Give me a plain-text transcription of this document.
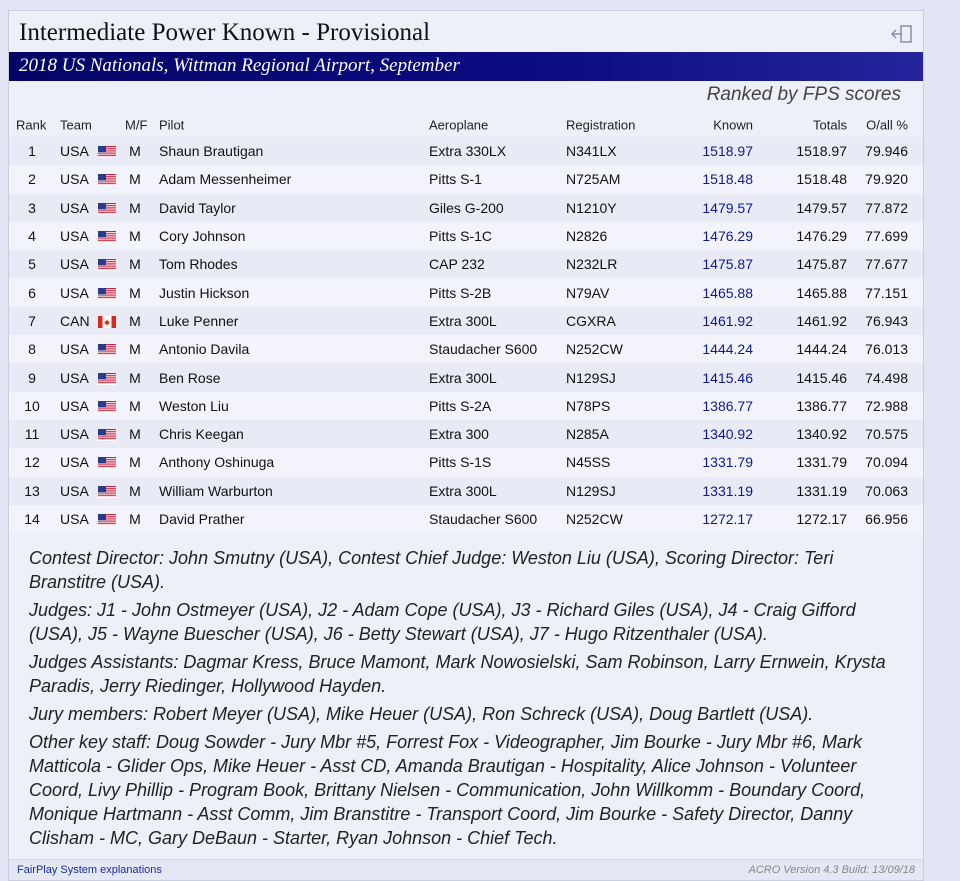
Intermediate Power Known - Provisional
2018 US Nationals, Wittman Regional Airport, September
Ranked by FPS scores
Rank Team	M/F Pilot	Aeroplane	Registration	Known	Totals O/all %
1	USA	M Shaun Brautigan	Extra 330LX	N341LX	1518.97	1518.97 79.946
2	USA	M Adam Messenheimer	Pitts S-1	N725AM	1518.48	1518.48 79.920
3	USA	M David Taylor	Giles G-200	N1210Y	1479.57	1479.57 77.872
4	USA	M Cory Johnson	Pitts S-1C	N2826	1476.29	1476.29 77.699
5	USA	M Tom Rhodes	CAP 232	N232LR	1475.87	1475.87 77.677
6	USA	M Justin Hickson	Pitts S-2B	N79AV	1465.88	1465.88 77.151
7	CAN	M Luke Penner	Extra 300L	CGXRA	1461.92	1461.92 76.943
8	USA	M Antonio Davila	Staudacher S600 N252CW	1444.24	1444.24 76.013
9	USA	M Ben Rose	Extra 300L	N129SJ	1415.46	1415.46 74.498
10	USA	M Weston Liu	Pitts S-2A	N78PS	1386.77	1386.77 72.988
11	USA	M Chris Keegan	Extra 300	N285A	1340.92	1340.92 70.575
12	USA	M Anthony Oshinuga	Pitts S-1S	N45SS	1331.79	1331.79 70.094
13	USA	M William Warburton	Extra 300L	N129SJ	1331.19	1331.19 70.063
14	USA	M David Prather	Staudacher S600 N252CW	1272.17	1272.17 66.956

Contest Director: John Smutny (USA), Contest Chief Judge: Weston Liu (USA), Scoring Director: Teri Branstitre (USA).

Judges: J1 - John Ostmeyer (USA), J2 - Adam Cope (USA), J3 - Richard Giles (USA), J4 - Craig Gifford (USA), J5 - Wayne Buescher (USA), J6 - Betty Stewart (USA), J7 - Hugo Ritzenthaler (USA).

Judges Assistants: Dagmar Kress, Bruce Mamont, Mark Nowosielski, Sam Robinson, Larry Ernwein, Krysta Paradis, Jerry Riedinger, Hollywood Hayden.

Jury members: Robert Meyer (USA), Mike Heuer (USA), Ron Schreck (USA), Doug Bartlett (USA).

Other key staff: Doug Sowder - Jury Mbr #5, Forrest Fox - Videographer, Jim Bourke - Jury Mbr #6, Mark Matticola - Glider Ops, Mike Heuer - Asst CD, Amanda Brautigan - Hospitality, Alice Johnson - Volunteer Coord, Livy Phillip - Program Book, Brittany Nielsen - Communication, John Willkomm - Boundary Coord, Monique Hartmann - Asst Comm, Jim Branstitre - Transport Coord, Jim Bourke - Safety Director, Danny Clisham - MC, Gary DeBaun - Starter, Ryan Johnson - Chief Tech.

FairPlay System explanations	ACRO Version 4.3 Build: 13/09/18
